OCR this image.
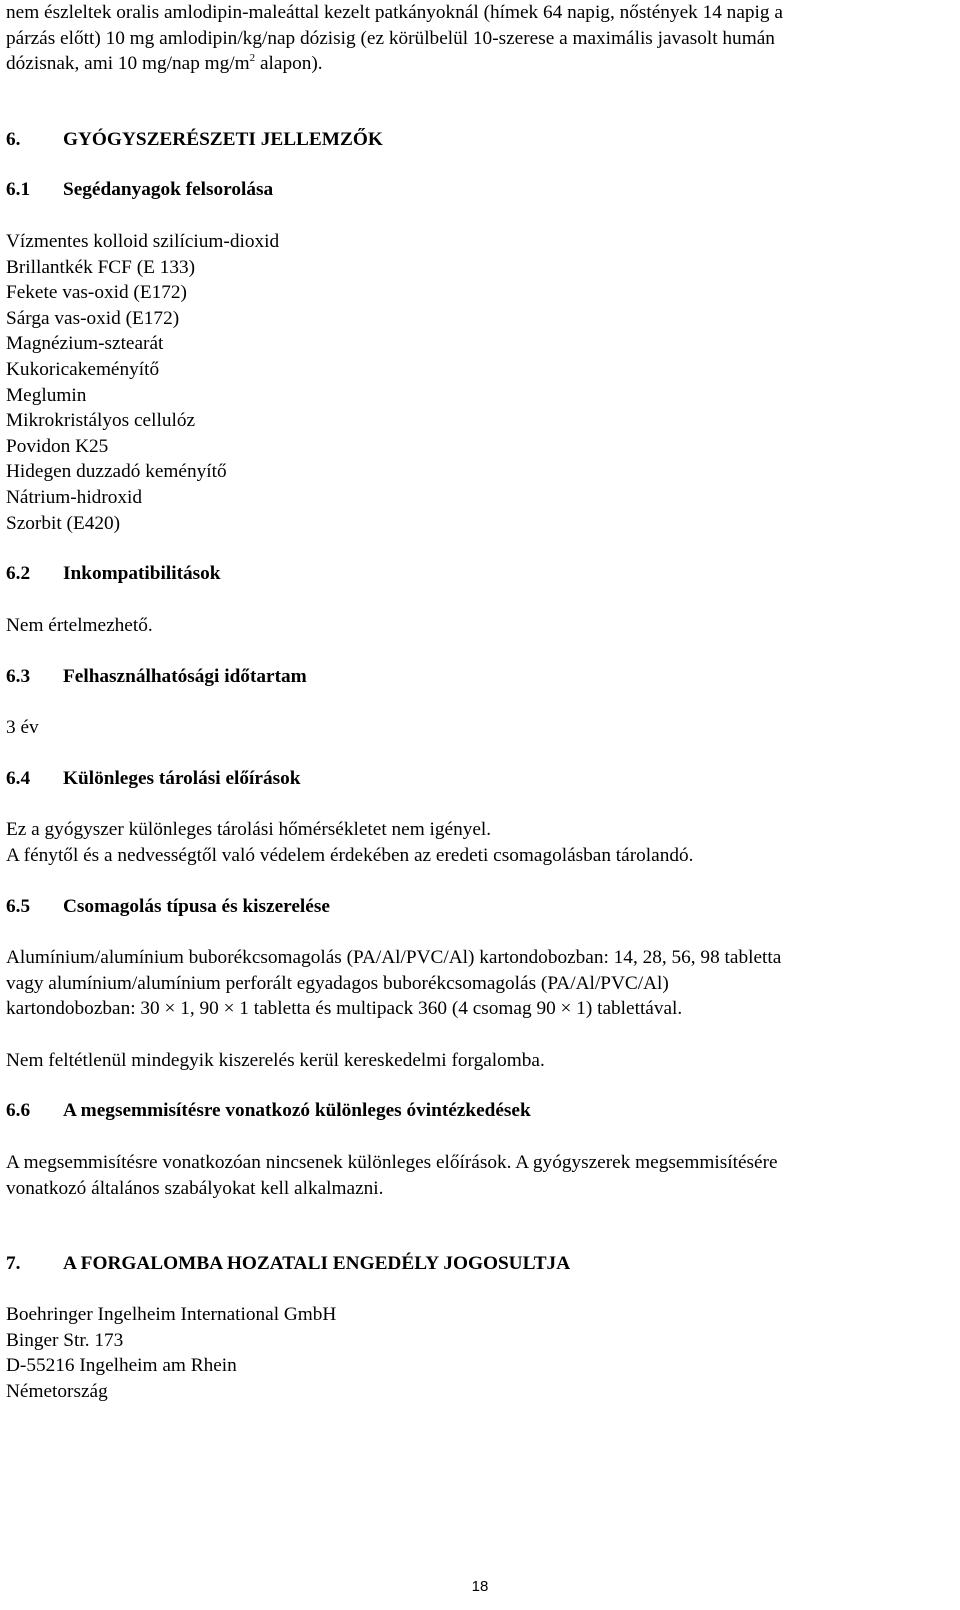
nem észleltek oralis amlodipin-maleáttal kezelt patkányoknál (hímek 64 napig, nőstények 14 napig a

párzás előtt) 10 mg amlodipin/kg/nap dózisig (ez körülbelül 10-szerese a maximális javasolt humán

dózisnak, ami 10 mg/nap $mg/m^2$ alapon).

6. GYÓGYSZERÉSZETI JELLEMZŐK
6.1 Segédanyagok felsorolása

Vízmentes kolloid szilícium-dioxid

Brillantkék FCF (E 133)

Fekete vas-oxid (E172)

Sárga vas-oxid (E172)

Magnézium-sztearát

Kukoricakeményítő

Meglumin

Mikrokristályos cellulóz

Povidon K25

Hidegen duzzadó keményítő

Nátrium-hidroxid

Szorbit (E420)

6.2 Inkompatibilitások

Nem értelmezhető.

6.3 Felhasználhatósági időtartam

3 év

6.4 Különleges tárolási előírások

Ez a gyógyszer különleges tárolási hőmérsékletet nem igényel.

A fénytől és a nedvességtől való védelem érdekében az eredeti csomagolásban tárolandó.

6.5 Csomagolás típusa és kiszerelése

Alumínium/alumínium buborékcsomagolás (PA/Al/PVC/Al) kartondobozban: 14, 28, 56, 98 tabletta

vagy alumínium/alumínium perforált egyadagos buborékcsomagolás (PA/Al/PVC/Al)

kartondobozban: 30 × 1, 90 × 1 tabletta és multipack 360 (4 csomag 90 × 1) tablettával.

Nem feltétlenül mindegyik kiszerelés kerül kereskedelmi forgalomba.

6.6 A megsemmisítésre vonatkozó különleges óvintézkedések

A megsemmisítésre vonatkozóan nincsenek különleges előírások. A gyógyszerek megsemmisítésére

vonatkozó általános szabályokat kell alkalmazni.

7. A FORGALOMBA HOZATALI ENGEDÉLY JOGOSULTJA

Boehringer Ingelheim International GmbH

Binger Str. 173

D-55216 Ingelheim am Rhein

Németország

18
